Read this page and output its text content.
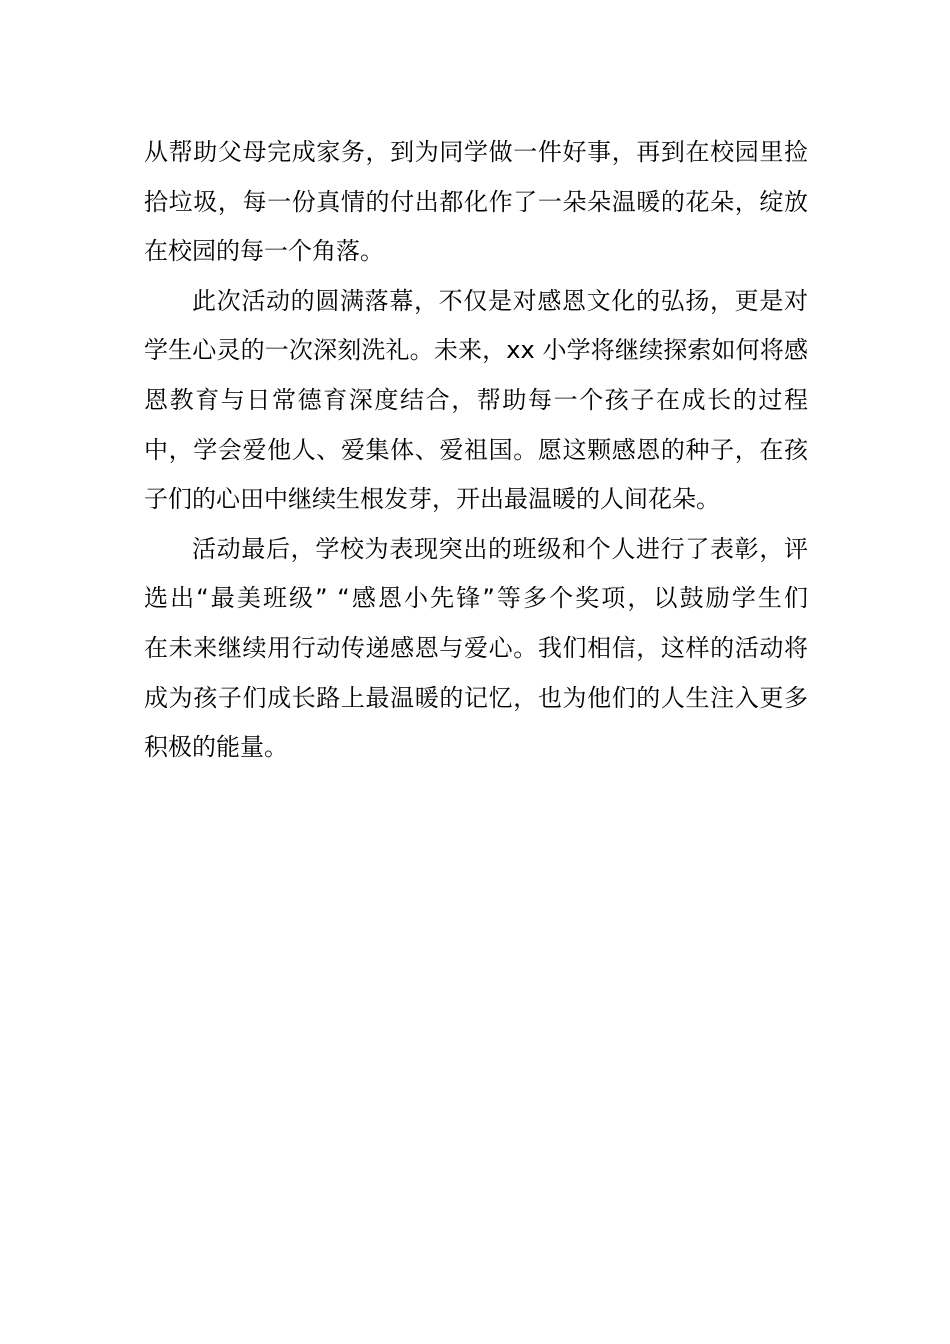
从帮助父母完成家务，到为同学做一件好事，再到在校园里捡
拾垃圾，每一份真情的付出都化作了一朵朵温暖的花朵，绽放
在校园的每一个角落。
此次活动的圆满落幕，不仅是对感恩文化的弘扬，更是对
学生心灵的一次深刻洗礼。未来，xx 小学将继续探索如何将感
恩教育与日常德育深度结合，帮助每一个孩子在成长的过程
中，学会爱他人、爱集体、爱祖国。愿这颗感恩的种子，在孩
子们的心田中继续生根发芽，开出最温暖的人间花朵。
活动最后，学校为表现突出的班级和个人进行了表彰，评
选出“最美班级” “感恩小先锋”等多个奖项，以鼓励学生们
在未来继续用行动传递感恩与爱心。我们相信，这样的活动将
成为孩子们成长路上最温暖的记忆，也为他们的人生注入更多
积极的能量。
